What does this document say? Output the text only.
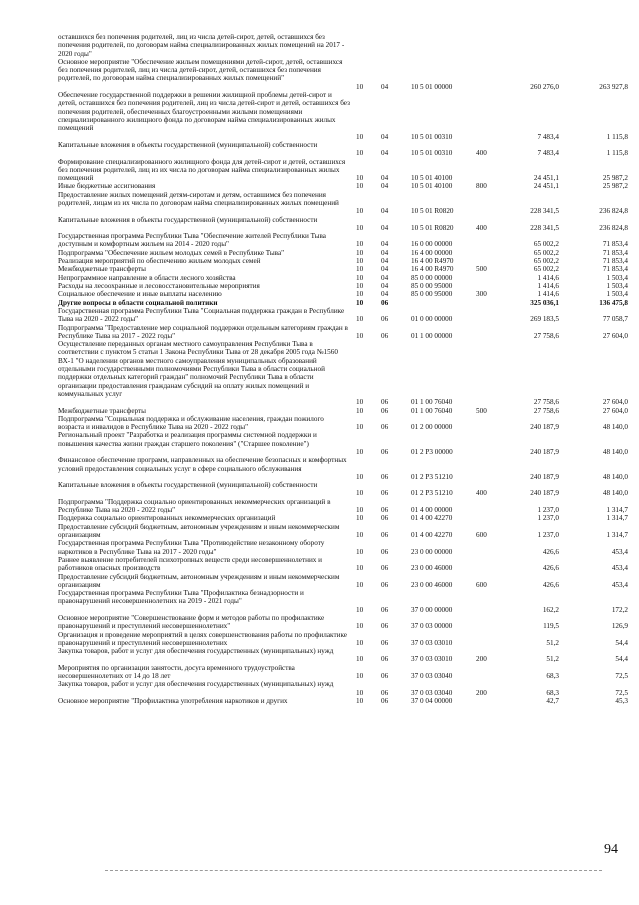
оставшихся без попечения родителей, лиц из числа детей-сирот, детей, оставшихся без попечения родителей, по договорам найма специализированных жилых помещений на 2017 - 2020 годы"
Основное мероприятие "Обеспечение жильем помещениями детей-сирот, детей, оставшихся без попечения родителей, лиц из числа детей-сирот, детей, оставшихся без попечения родителей, по договорам найма специализированных жилых помещений"
10 04	10 5 01 00000	260 276,0	263 927,8
Обеспечение государственной поддержки в решении жилищной проблемы детей-сирот и детей, оставшихся без попечения родителей, лиц из числа детей-сирот и детей, оставшихся без попечения родителей, обеспеченных благоустроенными жилыми помещениями специализированного жилищного фонда по договорам найма специализированных жилых помещений
10 04	10 5 01 00310	7 483,4	1 115,8
Капитальные вложения в объекты государственной (муниципальной) собственности
10 04	10 5 01 00310	400	7 483,4	1 115,8
Формирование специализированного жилищного фонда для детей-сирот и детей, оставшихся без попечения родителей, лиц из их числа по договорам найма специализированных жилых помещений	10 04	10 5 01 40100	24 451,1	25 987,2
Иные бюджетные ассигнования	10 04	10 5 01 40100	800	24 451,1	25 987,2
Предоставление жилых помещений детям-сиротам и детям, оставшимся без попечения родителей, лицам из их числа по договорам найма специализированных жилых помещений
10 04	10 5 01 R0820	228 341,5	236 824,8
Капитальные вложения в объекты государственной (муниципальной) собственности
10 04	10 5 01 R0820	400	228 341,5	236 824,8
Государственная программа Республики Тыва "Обеспечение жителей Республики Тыва доступным и комфортным жильем на 2014 - 2020 годы"	10 04	16 0 00 00000	65 002,2	71 853,4
Подпрограмма "Обеспечение жильем молодых семей в Республике Тыва"	10 04	16 4 00 00000	65 002,2	71 853,4
Реализация мероприятий по обеспечению жильем молодых семей	10 04	16 4 00 R4970	65 002,2	71 853,4
Межбюджетные трансферты	10 04	16 4 00 R4970	500	65 002,2	71 853,4
Непрограммное направление в области лесного хозяйства	10 04	85 0 00 00000	1 414,6	1 503,4
Расходы на лесоохранные и лесовосстановительные мероприятия	10 04	85 0 00 95000	1 414,6	1 503,4
Социальное обеспечение и иные выплаты населению	10 04	85 0 00 95000	300	1 414,6	1 503,4
Другие вопросы в области социальной политики	10 06	325 036,1	136 475,8
Государственная программа Республики Тыва "Социальная поддержка граждан в Республике Тыва на 2020 - 2022 годы"	10 06	01 0 00 00000	269 183,5	77 058,7
Подпрограмма "Предоставление мер социальной поддержки отдельным категориям граждан в Республике Тыва на 2017 - 2022 годы"	10 06	01 1 00 00000	27 758,6	27 604,0
Осуществление переданных органам местного самоуправления Республики Тыва в соответствии с пунктом 5 статьи 1 Закона Республики Тыва от 28 декабря 2005 года №1560 ВХ-1 "О наделении органов местного самоуправления муниципальных образований отдельными государственными полномочиями Республики Тыва в области социальной поддержки отдельных категорий граждан" полномочий Республики Тыва в области организации предоставления гражданам субсидий на оплату жилых помещений и коммунальных услуг
10 06	01 1 00 76040	27 758,6	27 604,0
Межбюджетные трансферты	10 06	01 1 00 76040	500	27 758,6	27 604,0
Подпрограмма "Социальная поддержка и обслуживание населения, граждан пожилого возраста и инвалидов в Республике Тыва на 2020 - 2022 годы"	10 06	01 2 00 00000	240 187,9	48 140,0
Региональный проект "Разработка и реализация программы системной поддержки и повышения качества жизни граждан старшего поколения" ("Старшее поколение")
10 06	01 2 P3 00000	240 187,9	48 140,0
Финансовое обеспечение программ, направленных на обеспечение безопасных и комфортных условий предоставления социальных услуг в сфере социального обслуживания
10 06	01 2 P3 51210	240 187,9	48 140,0
Капитальные вложения в объекты государственной (муниципальной) собственности
10 06	01 2 P3 51210	400	240 187,9	48 140,0
Подпрограмма "Поддержка социально ориентированных некоммерческих организаций в Республике Тыва на 2020 - 2022 годы"	10 06	01 4 00 00000	1 237,0	1 314,7
Поддержка социально ориентированных некоммерческих организаций	10 06	01 4 00 42270	1 237,0	1 314,7
Предоставление субсидий бюджетным, автономным учреждениям и иным некоммерческим организациям	10 06	01 4 00 42270	600	1 237,0	1 314,7
Государственная программа Республики Тыва "Противодействие незаконному обороту наркотиков в Республике Тыва на 2017 - 2020 годы"	10 06	23 0 00 00000	426,6	453,4
Раннее выявление потребителей психотропных веществ среди несовершеннолетних и работников опасных производств	10 06	23 0 00 46000	426,6	453,4
Предоставление субсидий бюджетным, автономным учреждениям и иным некоммерческим организациям	10 06	23 0 00 46000	600	426,6	453,4
Государственная программа Республики Тыва "Профилактика безнадзорности и правонарушений несовершеннолетних на 2019 - 2021 годы"
10 06	37 0 00 00000	162,2	172,2
Основное мероприятие "Совершенствование форм и методов работы по профилактике правонарушений и преступлений несовершеннолетних"	10 06	37 0 03 00000	119,5	126,9
Организация и проведение мероприятий в целях совершенствования работы по профилактике правонарушений и преступлений несовершеннолетних	10 06	37 0 03 03010	51,2	54,4
Закупка товаров, работ и услуг для обеспечения государственных (муниципальных) нужд
10 06	37 0 03 03010	200	51,2	54,4
Мероприятия по организации занятости, досуга временного трудоустройства несовершеннолетних от 14 до 18 лет	10 06	37 0 03 03040	68,3	72,5
Закупка товаров, работ и услуг для обеспечения государственных (муниципальных) нужд
10 06	37 0 03 03040	200	68,3	72,5
Основное мероприятие "Профилактика употребления наркотиков и других	10 06	37 0 04 00000	42,7	45,3
94
